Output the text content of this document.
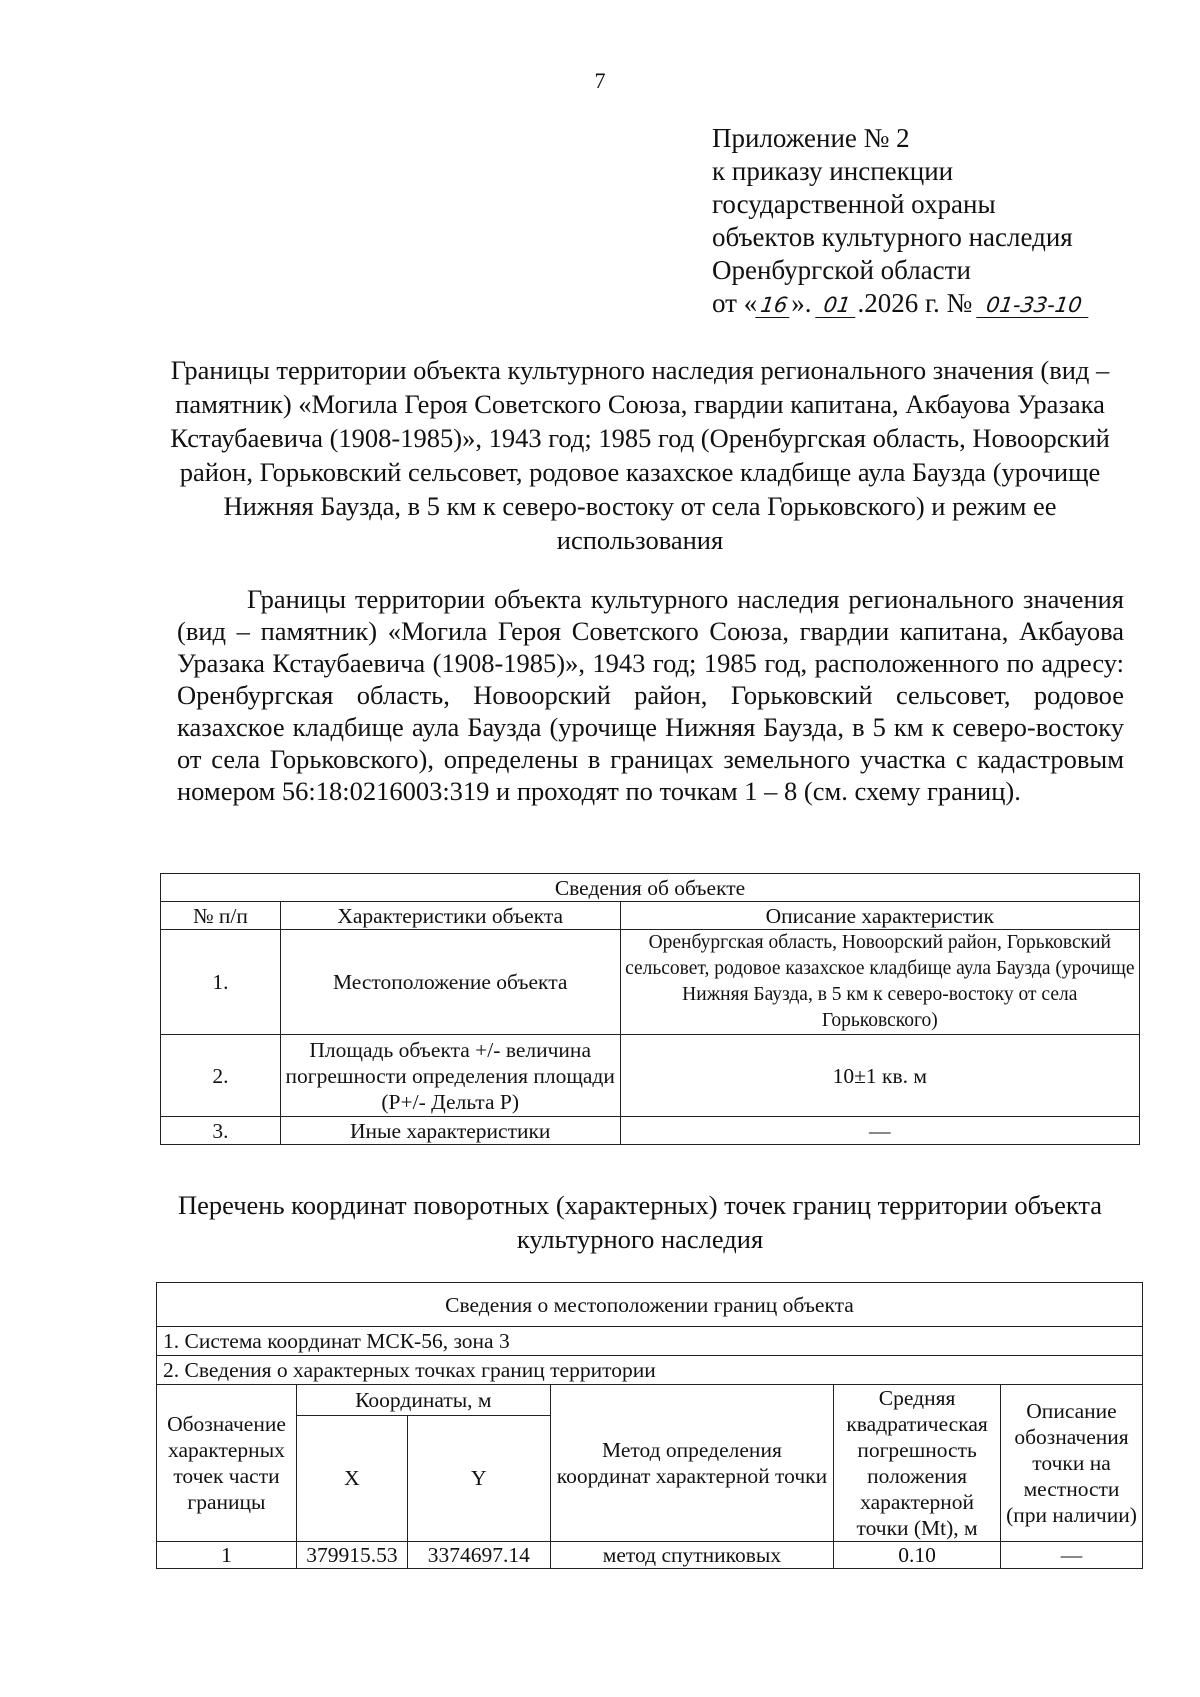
7
Приложение № 2
к приказу инспекции
государственной охраны
объектов культурного наследия
Оренбургской области
от «16». 01 .2026 г. № 01-33-10
Границы территории объекта культурного наследия регионального значения (вид – памятник) «Могила Героя Советского Союза, гвардии капитана, Акбауова Уразака Кстаубаевича (1908-1985)», 1943 год; 1985 год (Оренбургская область, Новоорский район, Горьковский сельсовет, родовое казахское кладбище аула Баузда (урочище Нижняя Баузда, в 5 км к северо-востоку от села Горьковского) и режим ее использования
Границы территории объекта культурного наследия регионального значения (вид – памятник) «Могила Героя Советского Союза, гвардии капитана, Акбауова Уразака Кстаубаевича (1908-1985)», 1943 год; 1985 год, расположенного по адресу: Оренбургская область, Новоорский район, Горьковский сельсовет, родовое казахское кладбище аула Баузда (урочище Нижняя Баузда, в 5 км к северо-востоку от села Горьковского), определены в границах земельного участка с кадастровым номером 56:18:0216003:319 и проходят по точкам 1 – 8 (см. схему границ).
Сведения об объекте		
№ п/п	Характеристики объекта	Описание характеристик
1.	Местоположение объекта	Оренбургская область, Новоорский район, Горьковский сельсовет, родовое казахское кладбище аула Баузда (урочище Нижняя Баузда, в 5 км к северо-востоку от села Горьковского)
2.	Площадь объекта +/- величина погрешности определения площади (P+/- Дельта P)	10±1 кв. м
3.	Иные характеристики	—
Перечень координат поворотных (характерных) точек границ территории объекта культурного наследия
Сведения о местоположении границ объекта					
1. Система координат МСК-56, зона 3					
2. Сведения о характерных точках границ территории					
Обозначение характерных точек части границы	Координаты, м		Метод определения координат характерной точки	Средняя квадратическая погрешность положения характерной точки (Mt), м	Описание обозначения точки на местности (при наличии)
	X	Y			
1	379915.53	3374697.14	метод спутниковых	0.10	—
